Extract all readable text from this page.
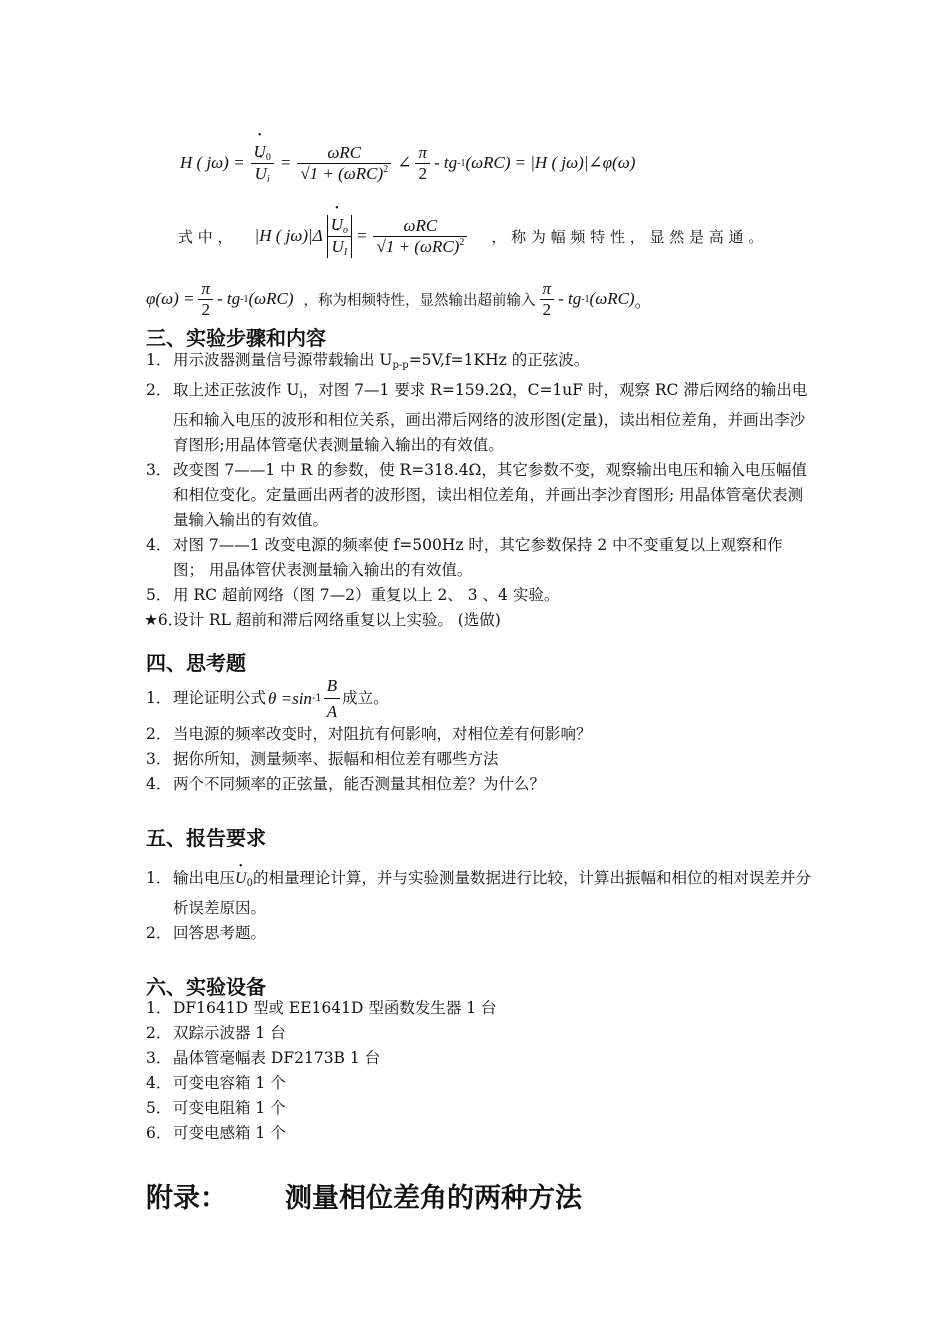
H ( jω) = • $U_0$
• $U_i = \frac{\text{ωRC}}{√1 + (\omega RC)^2}$ ∠ $\frac{\pi}{2}$ - tg -1 (ωRC) = |H ( jω)|∠φ(ω)
式 中 ， |H ( jω)|Δ • $U_o$
• $U_I = \frac{\text{ωRC}}{√1 + (\omega RC)^2}$ ， 称 为 幅 频 特 性 ， 显 然 是 高 通 。
$\varphi(\omega) = \frac{\pi}{2}$ - tg -1 (ωRC) ，称为相频特性，显然输出超前输入 $\frac{\pi}{2}$ - tg -1 (ωRC) 。
三、实验步骤和内容
1． 用示波器测量信号源带载输出 $U_{p-p}=5V,f=1KHz$ 的正弦波。
2． 取上述正弦波作 $U_i$，对图 7—1 要求 R=159.2Ω，C=1uF 时，观察 RC 滞后网络的输出电压和输入电压的波形和相位关系，画出滞后网络的波形图(定量)，读出相位差角，并画出李沙育图形;用晶体管毫伏表测量输入输出的有效值。
3． 改变图 7——1 中 R 的参数，使 R=318.4Ω，其它参数不变，观察输出电压和输入电压幅值和相位变化。定量画出两者的波形图，读出相位差角，并画出李沙育图形; 用晶体管毫伏表测量输入输出的有效值。
4． 对图 7——1 改变电源的频率使 f=500Hz 时，其它参数保持 2 中不变重复以上观察和作图； 用晶体管伏表测量输入输出的有效值。
5． 用 RC 超前网络（图 7—2）重复以上 2、 3 、4 实验。
★6．
设计 RL 超前和滞后网络重复以上实验。 (选做)
四、思考题
1． 理论证明公式 θ =sin $-1 \frac{B}{A}$ 成立。
2． 当电源的频率改变时，对阻抗有何影响，对相位差有何影响？
3． 据你所知，测量频率、振幅和相位差有哪些方法
4． 两个不同频率的正弦量，能否测量其相位差？为什么？
五、报告要求
1． 输出电压• $U_0$的相量理论计算，并与实验测量数据进行比较，计算出振幅和相位的相对误差并分析误差原因。
2． 回答思考题。
六、实验设备
1． DF1641D 型或 EE1641D 型函数发生器 1 台
2． 双踪示波器 1 台
3． 晶体管毫幅表 DF2173B 1 台
4． 可变电容箱 1 个
5． 可变电阻箱 1 个
6． 可变电感箱 1 个
附录： 测量相位差角的两种方法
